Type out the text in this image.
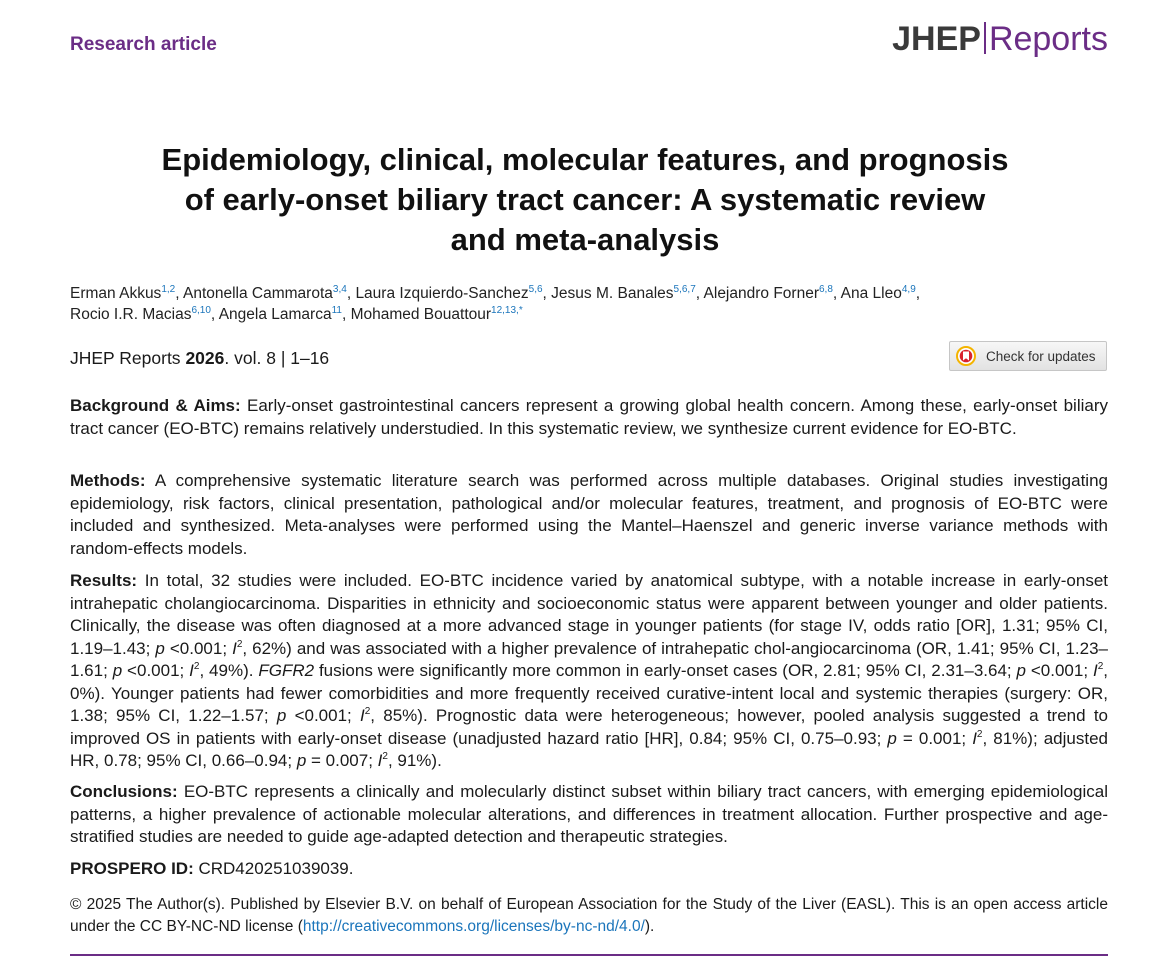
Research article	JHEP Reports
Epidemiology, clinical, molecular features, and prognosis
of early-onset biliary tract cancer: A systematic review
and meta-analysis
Erman Akkus$^{1,2}$, Antonella Cammarota$^{3,4}$, Laura Izquierdo-Sanchez$^{5,6}$, Jesus M. Banales$^{5,6,7}$, Alejandro Forner$^{6,8}$, Ana Lleo$^{4,9}$,
Rocio I.R. Macias$^{6,10}$, Angela Lamarca$^{11}$, Mohamed Bouattour$^{12,13,*}$
JHEP Reports 2026. vol. 8 | 1–16	Check for updates

Background & Aims: Early-onset gastrointestinal cancers represent a growing global health concern. Among these, early-onset biliary tract cancer (EO-BTC) remains relatively understudied. In this systematic review, we synthesize current evidence for EO-BTC.

Methods: A comprehensive systematic literature search was performed across multiple databases. Original studies investigating epidemiology, risk factors, clinical presentation, pathological and/or molecular features, treatment, and prognosis of EO-BTC were included and synthesized. Meta-analyses were performed using the Mantel–Haenszel and generic inverse variance methods with random-effects models.

Results: In total, 32 studies were included. EO-BTC incidence varied by anatomical subtype, with a notable increase in early-onset intrahepatic cholangiocarcinoma. Disparities in ethnicity and socioeconomic status were apparent between younger and older patients. Clinically, the disease was often diagnosed at a more advanced stage in younger patients (for stage IV, odds ratio [OR], 1.31; 95% CI, 1.19–1.43; p <0.001; $I^2$, 62%) and was associated with a higher prevalence of intrahepatic chol-angiocarcinoma (OR, 1.41; 95% CI, 1.23–1.61; p <0.001; $I^2$, 49%). FGFR2 fusions were significantly more common in early-onset cases (OR, 2.81; 95% CI, 2.31–3.64; p <0.001; $I^2$, 0%). Younger patients had fewer comorbidities and more frequently received curative-intent local and systemic therapies (surgery: OR, 1.38; 95% CI, 1.22–1.57; p <0.001; $I^2$, 85%). Prognostic data were heterogeneous; however, pooled analysis suggested a trend to improved OS in patients with early-onset disease (unadjusted hazard ratio [HR], 0.84; 95% CI, 0.75–0.93; p = 0.001; $I^2$, 81%); adjusted HR, 0.78; 95% CI, 0.66–0.94; p = 0.007; $I^2$, 91%).

Conclusions: EO-BTC represents a clinically and molecularly distinct subset within biliary tract cancers, with emerging epidemiological patterns, a higher prevalence of actionable molecular alterations, and differences in treatment allocation. Further prospective and age-stratified studies are needed to guide age-adapted detection and therapeutic strategies.

PROSPERO ID: CRD420251039039.

© 2025 The Author(s). Published by Elsevier B.V. on behalf of European Association for the Study of the Liver (EASL). This is an open access article under the CC BY-NC-ND license (http://creativecommons.org/licenses/by-nc-nd/4.0/).
